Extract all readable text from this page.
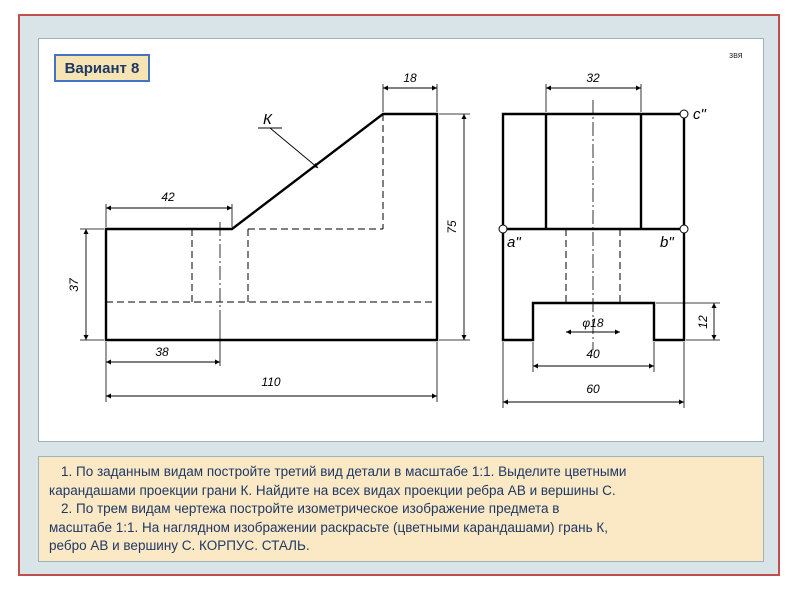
18
42
37
75
38
110
К	c"
a"	b"
32
12
φ18
40
60
Вариант 8
звя

1. По заданным видам постройте третий вид детали в масштабе 1:1. Выделите цветными

карандашами проекции грани К. Найдите на всех видах проекции ребра АВ и вершины С.

2. По трем видам чертежа постройте изометрическое изображение предмета в

масштабе 1:1. На наглядном изображении раскрасьте (цветными карандашами) грань К,

ребро АВ и вершину С. КОРПУС. СТАЛЬ.
